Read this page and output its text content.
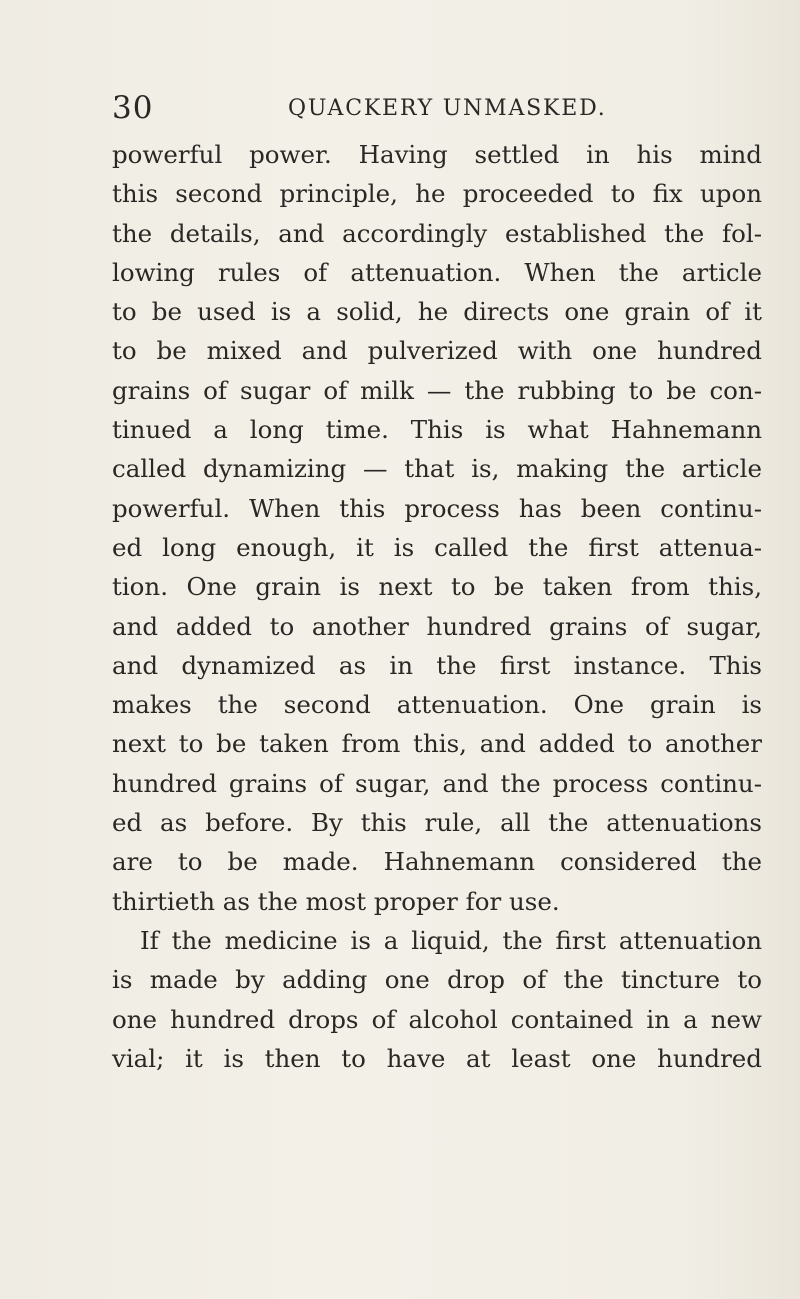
30	QUACKERY UNMASKED.
powerful power. Having settled in his mind
this second principle, he proceeded to fix upon
the details, and accordingly established the fol-
lowing rules of attenuation. When the article
to be used is a solid, he directs one grain of it
to be mixed and pulverized with one hundred
grains of sugar of milk — the rubbing to be con-
tinued a long time. This is what Hahnemann
called dynamizing — that is, making the article
powerful. When this process has been continu-
ed long enough, it is called the first attenua-
tion. One grain is next to be taken from this,
and added to another hundred grains of sugar,
and dynamized as in the first instance. This
makes the second attenuation. One grain is
next to be taken from this, and added to another
hundred grains of sugar, and the process continu-
ed as before. By this rule, all the attenuations
are to be made. Hahnemann considered the
thirtieth as the most proper for use.
If the medicine is a liquid, the first attenuation
is made by adding one drop of the tincture to
one hundred drops of alcohol contained in a new
vial; it is then to have at least one hundred
